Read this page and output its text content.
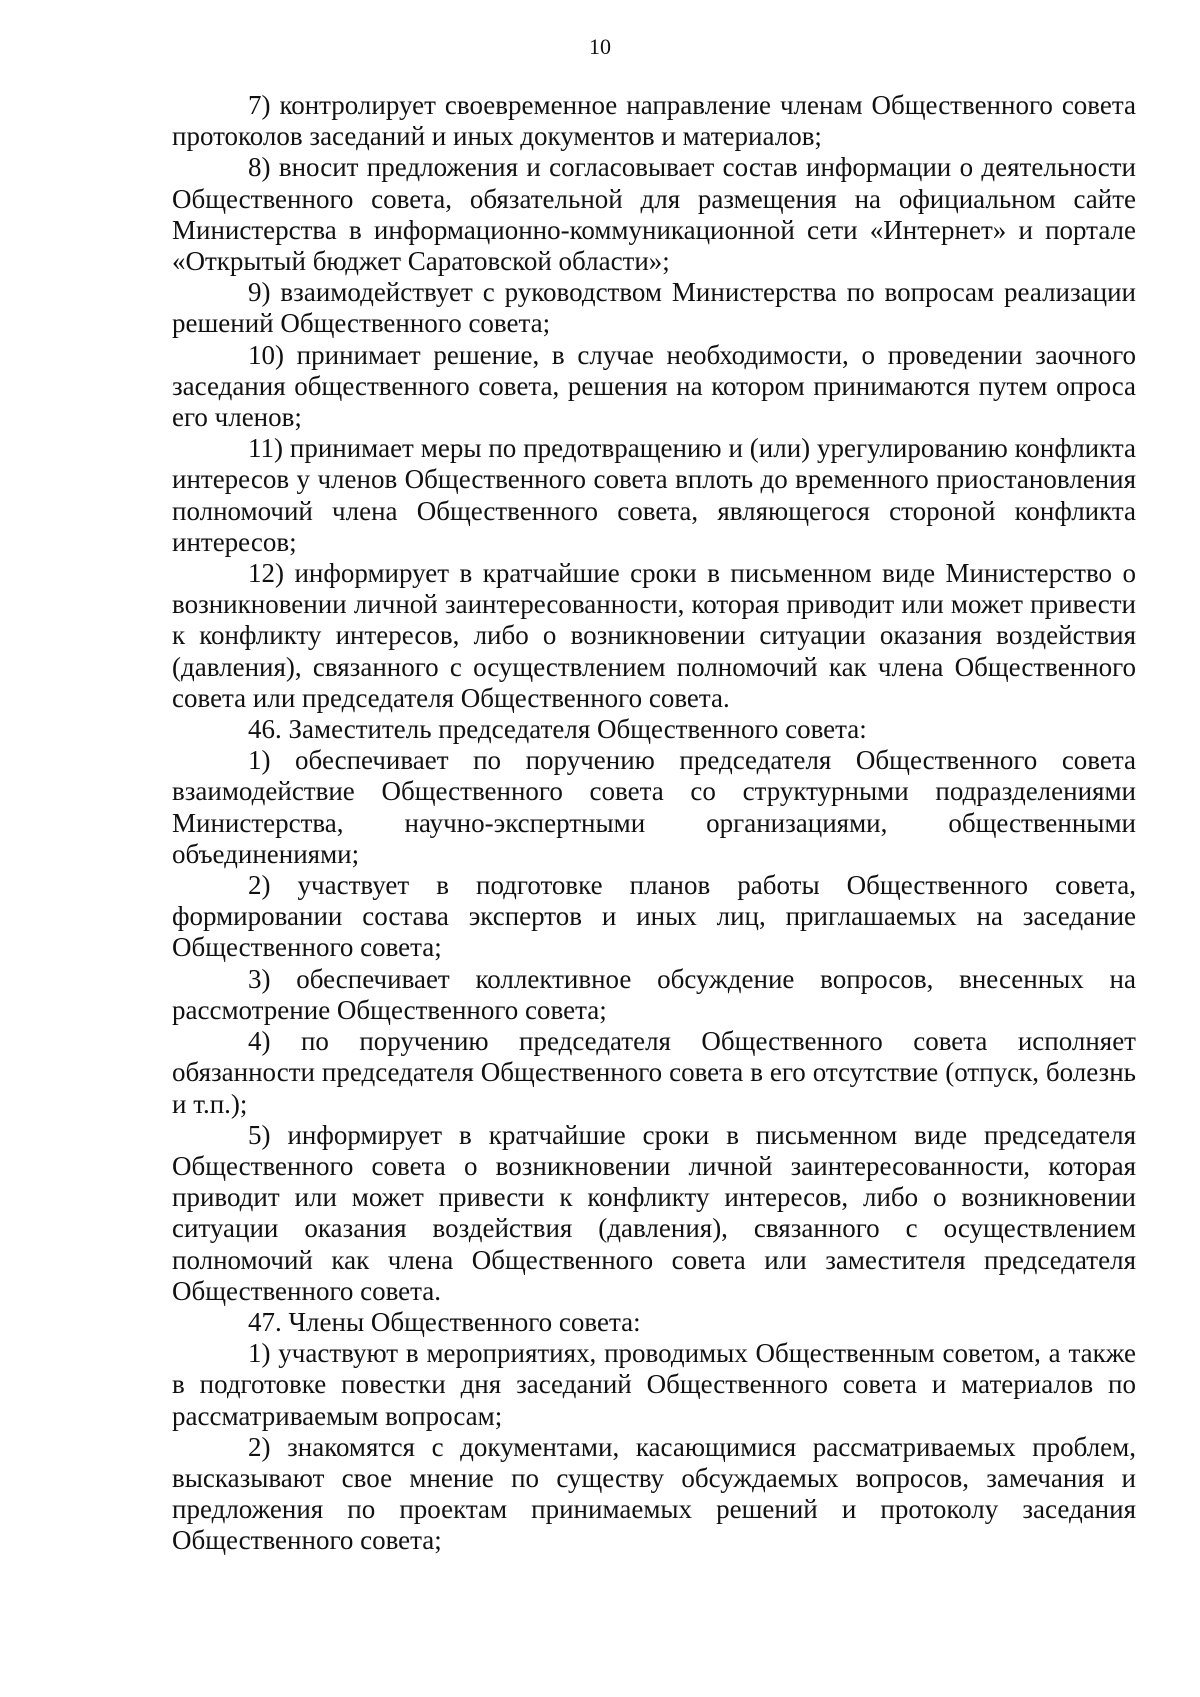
10

7) контролирует своевременное направление членам Общественного совета протоколов заседаний и иных документов и материалов;

8) вносит предложения и согласовывает состав информации о деятельности Общественного совета, обязательной для размещения на официальном сайте Министерства в информационно-коммуникационной сети «Интернет» и портале «Открытый бюджет Саратовской области»;

9) взаимодействует с руководством Министерства по вопросам реализации решений Общественного совета;

10) принимает решение, в случае необходимости, о проведении заочного заседания общественного совета, решения на котором принимаются путем опроса его членов;

11) принимает меры по предотвращению и (или) урегулированию конфликта интересов у членов Общественного совета вплоть до временного приостановления полномочий члена Общественного совета, являющегося стороной конфликта интересов;

12) информирует в кратчайшие сроки в письменном виде Министерство о возникновении личной заинтересованности, которая приводит или может привести к конфликту интересов, либо о возникновении ситуации оказания воздействия (давления), связанного с осуществлением полномочий как члена Общественного совета или председателя Общественного совета.

46. Заместитель председателя Общественного совета:

1) обеспечивает по поручению председателя Общественного совета взаимодействие Общественного совета со структурными подразделениями Министерства, научно-экспертными организациями, общественными объединениями;

2) участвует в подготовке планов работы Общественного совета, формировании состава экспертов и иных лиц, приглашаемых на заседание Общественного совета;

3) обеспечивает коллективное обсуждение вопросов, внесенных на рассмотрение Общественного совета;

4) по поручению председателя Общественного совета исполняет обязанности председателя Общественного совета в его отсутствие (отпуск, болезнь и т.п.);

5) информирует в кратчайшие сроки в письменном виде председателя Общественного совета о возникновении личной заинтересованности, которая приводит или может привести к конфликту интересов, либо о возникновении ситуации оказания воздействия (давления), связанного с осуществлением полномочий как члена Общественного совета или заместителя председателя Общественного совета.

47. Члены Общественного совета:

1) участвуют в мероприятиях, проводимых Общественным советом, а также в подготовке повестки дня заседаний Общественного совета и материалов по рассматриваемым вопросам;

2) знакомятся с документами, касающимися рассматриваемых проблем, высказывают свое мнение по существу обсуждаемых вопросов, замечания и предложения по проектам принимаемых решений и протоколу заседания Общественного совета;
